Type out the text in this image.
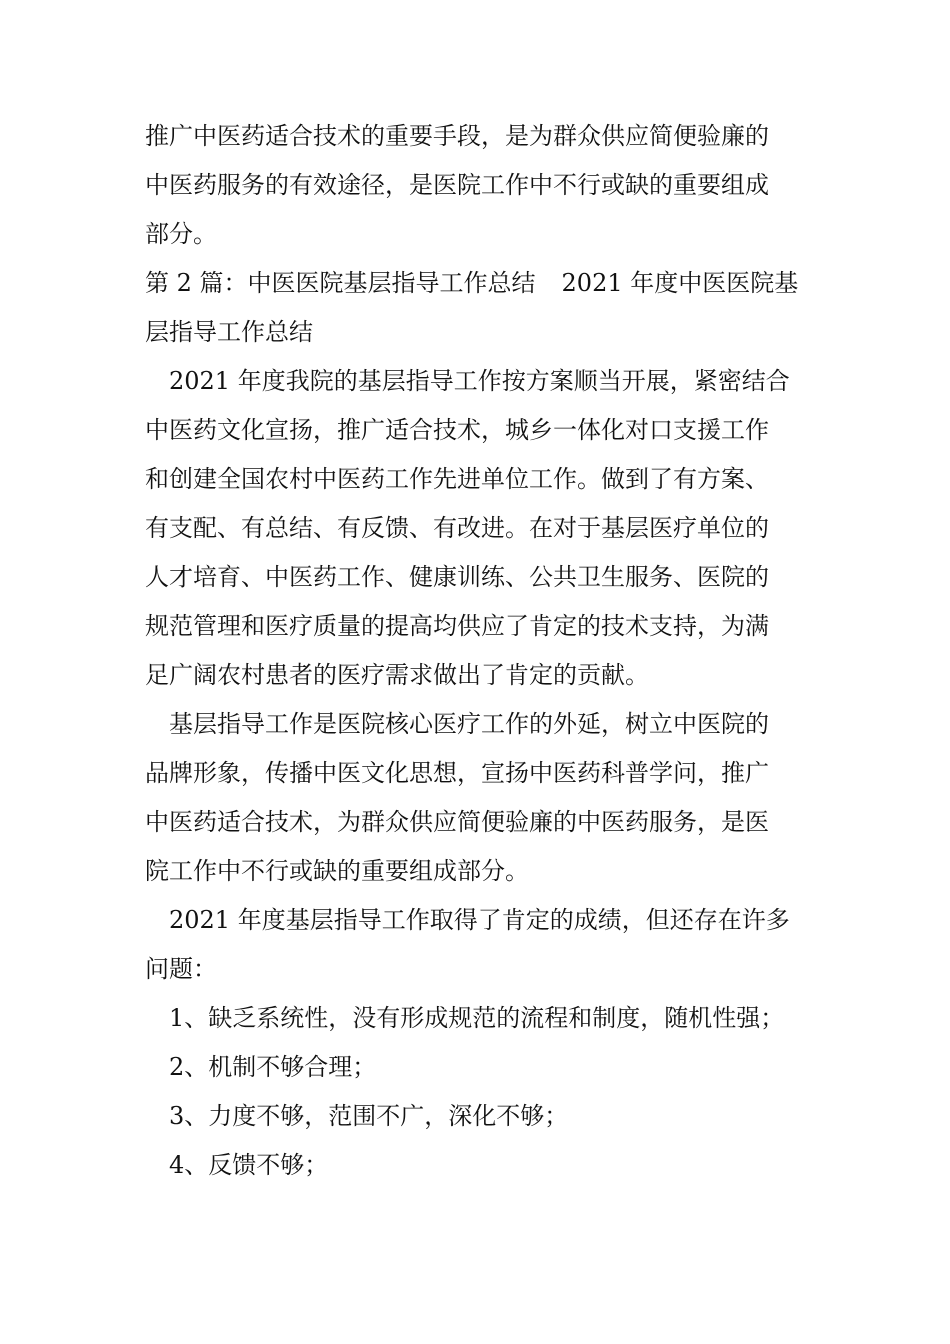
推广中医药适合技术的重要手段，是为群众供应简便验廉的

中医药服务的有效途径，是医院工作中不行或缺的重要组成

部分。

第 2 篇：中医医院基层指导工作总结 2021 年度中医医院基

层指导工作总结

2021 年度我院的基层指导工作按方案顺当开展，紧密结合

中医药文化宣扬，推广适合技术，城乡一体化对口支援工作

和创建全国农村中医药工作先进单位工作。做到了有方案、

有支配、有总结、有反馈、有改进。在对于基层医疗单位的

人才培育、中医药工作、健康训练、公共卫生服务、医院的

规范管理和医疗质量的提高均供应了肯定的技术支持，为满

足广阔农村患者的医疗需求做出了肯定的贡献。

基层指导工作是医院核心医疗工作的外延，树立中医院的

品牌形象，传播中医文化思想，宣扬中医药科普学问，推广

中医药适合技术，为群众供应简便验廉的中医药服务，是医

院工作中不行或缺的重要组成部分。

2021 年度基层指导工作取得了肯定的成绩，但还存在许多

问题：

1、缺乏系统性，没有形成规范的流程和制度，随机性强；

2、机制不够合理；

3、力度不够，范围不广，深化不够；

4、反馈不够；
